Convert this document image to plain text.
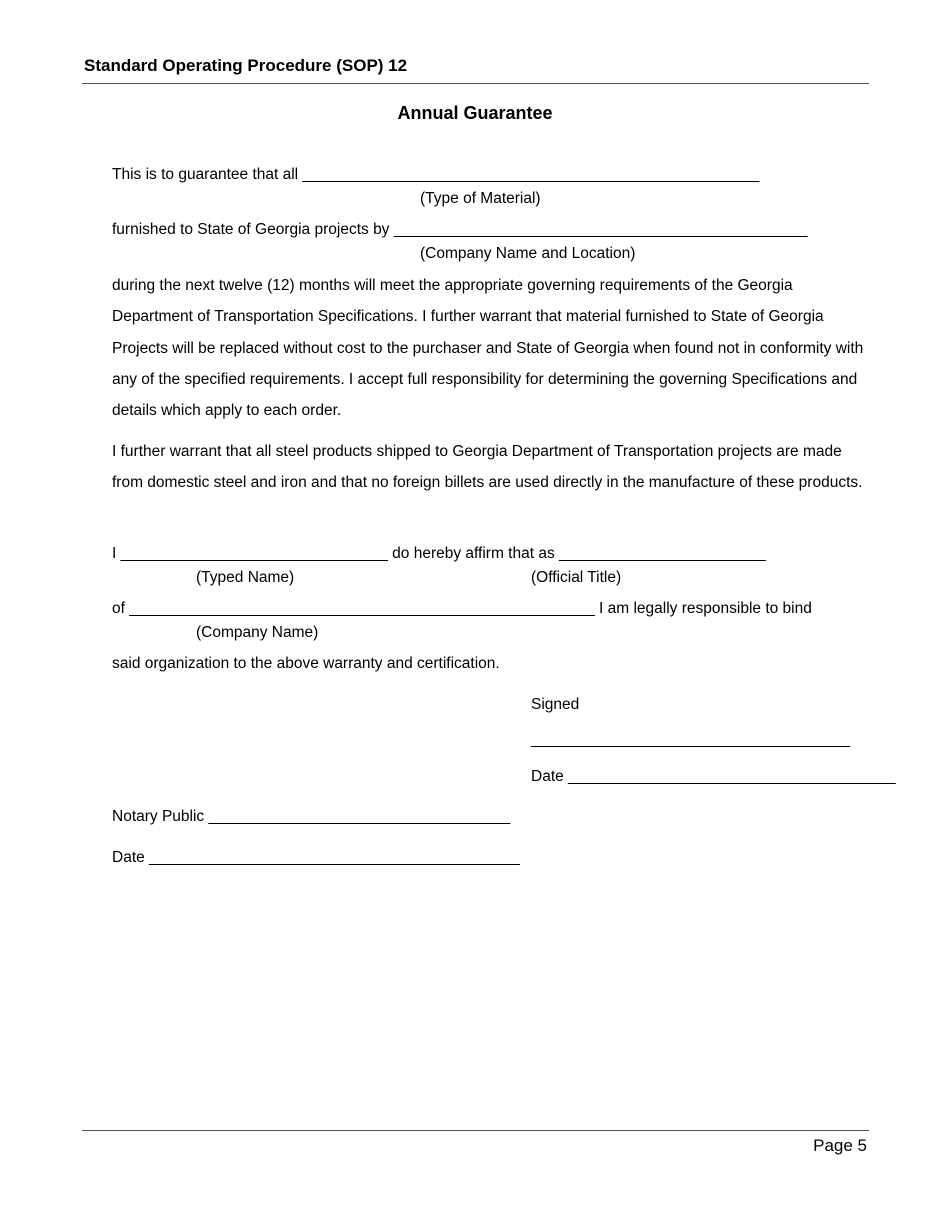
Standard Operating Procedure (SOP) 12
Annual Guarantee
This is to guarantee that all _____________________________________________________
(Type of Material)
furnished to State of Georgia projects by ________________________________________________
(Company Name and Location)
during the next twelve (12) months will meet the appropriate governing requirements of the Georgia Department of Transportation Specifications. I further warrant that material furnished to State of Georgia Projects will be replaced without cost to the purchaser and State of Georgia when found not in conformity with any of the specified requirements. I accept full responsibility for determining the governing Specifications and details which apply to each order.
I further warrant that all steel products shipped to Georgia Department of Transportation projects are made from domestic steel and iron and that no foreign billets are used directly in the manufacture of these products.
I _______________________________ do hereby affirm that as ________________________
(Typed Name)	(Official Title)
of ______________________________________________________ I am legally responsible to bind
(Company Name)
said organization to the above warranty and certification.
Signed
_____________________________________
Date ______________________________________
Notary Public ___________________________________
Date ___________________________________________
Page 5
